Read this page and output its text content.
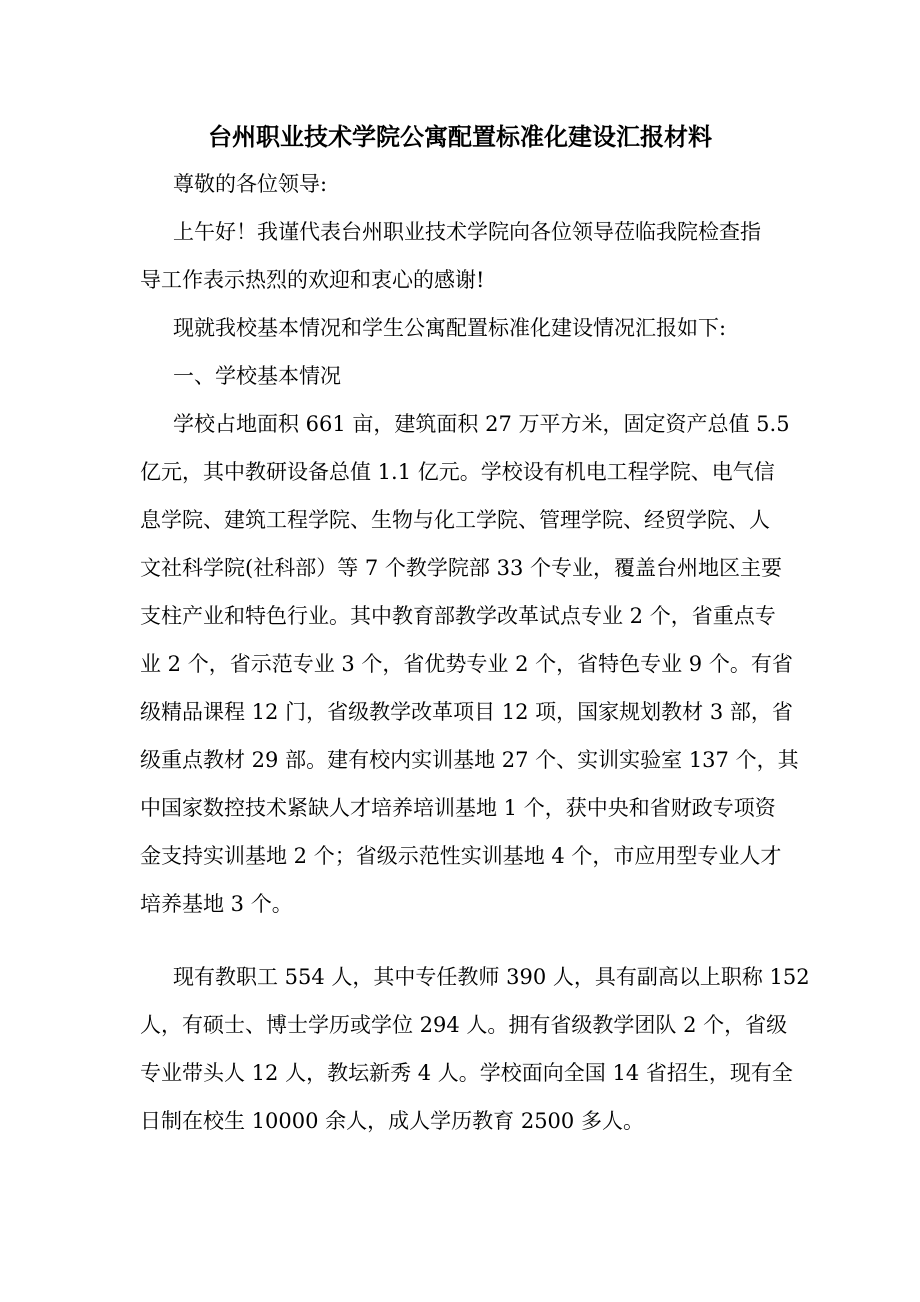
台州职业技术学院公寓配置标准化建设汇报材料
尊敬的各位领导:
上午好！我谨代表台州职业技术学院向各位领导莅临我院检查指
导工作表示热烈的欢迎和衷心的感谢!
现就我校基本情况和学生公寓配置标准化建设情况汇报如下:
一、学校基本情况
学校占地面积 661 亩，建筑面积 27 万平方米，固定资产总值 5.5
亿元，其中教研设备总值 1.1 亿元。学校设有机电工程学院、电气信
息学院、建筑工程学院、生物与化工学院、管理学院、经贸学院、人
文社科学院(社科部）等 7 个教学院部 33 个专业，覆盖台州地区主要
支柱产业和特色行业。其中教育部教学改革试点专业 2 个，省重点专
业 2 个，省示范专业 3 个，省优势专业 2 个，省特色专业 9 个。有省
级精品课程 12 门，省级教学改革项目 12 项，国家规划教材 3 部，省
级重点教材 29 部。建有校内实训基地 27 个、实训实验室 137 个，其
中国家数控技术紧缺人才培养培训基地 1 个，获中央和省财政专项资
金支持实训基地 2 个；省级示范性实训基地 4 个，市应用型专业人才
培养基地 3 个。
现有教职工 554 人，其中专任教师 390 人，具有副高以上职称 152
人，有硕士、博士学历或学位 294 人。拥有省级教学团队 2 个，省级
专业带头人 12 人，教坛新秀 4 人。学校面向全国 14 省招生，现有全
日制在校生 10000 余人，成人学历教育 2500 多人。
